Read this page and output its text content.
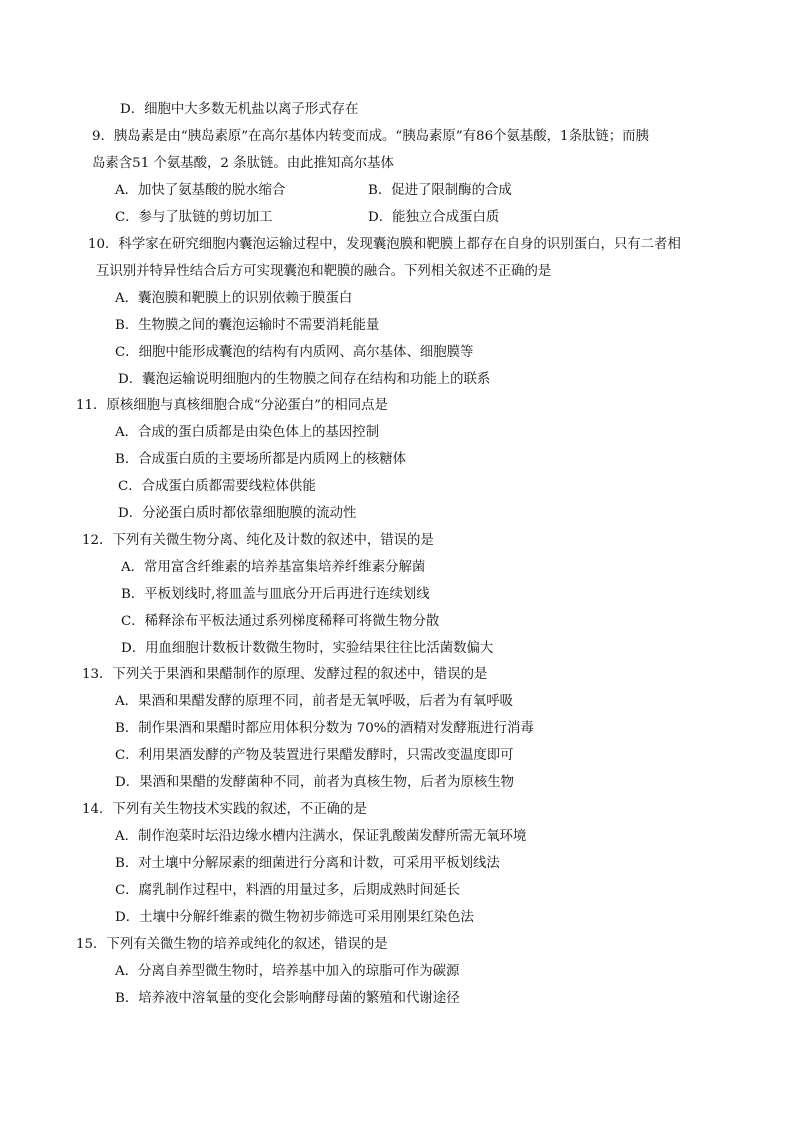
D．细胞中大多数无机盐以离子形式存在
9．胰岛素是由“胰岛素原”在高尔基体内转变而成。“胰岛素原”有86个氨基酸，1条肽链；而胰
岛素含51 个氨基酸，2 条肽链。由此推知高尔基体
A．加快了氨基酸的脱水缩合	B．促进了限制酶的合成
C．参与了肽链的剪切加工	D．能独立合成蛋白质
10．科学家在研究细胞内囊泡运输过程中，发现囊泡膜和靶膜上都存在自身的识别蛋白，只有二者相
互识别并特异性结合后方可实现囊泡和靶膜的融合。下列相关叙述不正确的是
A．囊泡膜和靶膜上的识别依赖于膜蛋白
B．生物膜之间的囊泡运输时不需要消耗能量
C．细胞中能形成囊泡的结构有内质网、高尔基体、细胞膜等
D．囊泡运输说明细胞内的生物膜之间存在结构和功能上的联系
11．原核细胞与真核细胞合成“分泌蛋白”的相同点是
A．合成的蛋白质都是由染色体上的基因控制
B．合成蛋白质的主要场所都是内质网上的核糖体
C．合成蛋白质都需要线粒体供能
D．分泌蛋白质时都依靠细胞膜的流动性
12．下列有关微生物分离、纯化及计数的叙述中，错误的是
A．常用富含纤维素的培养基富集培养纤维素分解菌
B．平板划线时,将皿盖与皿底分开后再进行连续划线
C．稀释涂布平板法通过系列梯度稀释可将微生物分散
D．用血细胞计数板计数微生物时，实验结果往往比活菌数偏大
13．下列关于果酒和果醋制作的原理、发酵过程的叙述中，错误的是
A．果酒和果醋发酵的原理不同，前者是无氧呼吸，后者为有氧呼吸
B．制作果酒和果醋时都应用体积分数为 70%的酒精对发酵瓶进行消毒
C．利用果酒发酵的产物及装置进行果醋发酵时，只需改变温度即可
D．果酒和果醋的发酵菌种不同，前者为真核生物，后者为原核生物
14．下列有关生物技术实践的叙述，不正确的是
A．制作泡菜时坛沿边缘水槽内注满水，保证乳酸菌发酵所需无氧环境
B．对土壤中分解尿素的细菌进行分离和计数，可采用平板划线法
C．腐乳制作过程中，料酒的用量过多，后期成熟时间延长
D．土壤中分解纤维素的微生物初步筛选可采用刚果红染色法
15．下列有关微生物的培养或纯化的叙述，错误的是
A．分离自养型微生物时，培养基中加入的琼脂可作为碳源
B．培养液中溶氧量的变化会影响酵母菌的繁殖和代谢途径
